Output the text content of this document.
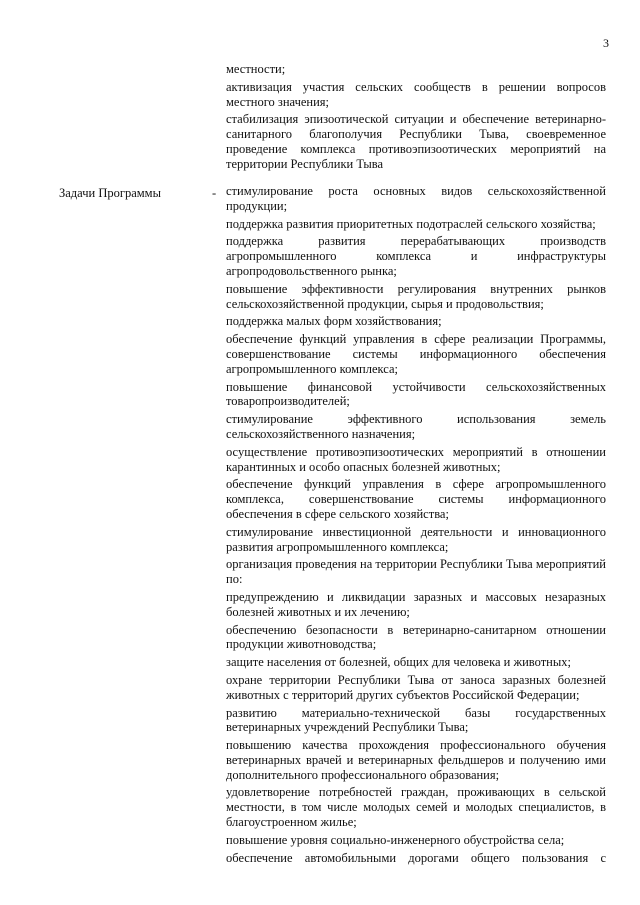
3

местности;

активизация участия сельских сообществ в решении вопросов местного значения;

стабилизация эпизоотической ситуации и обеспечение ветеринарно-санитарного благополучия Республики Тыва, своевременное проведение комплекса противоэпизоотических мероприятий на территории Республики Тыва

Задачи Программы	- стимулирование роста основных видов сельскохозяйственной продукции;

поддержка развития приоритетных подотраслей сельского хозяйства;

поддержка развития перерабатывающих производств агропромышленного комплекса и инфраструктуры агропродовольственного рынка;

повышение эффективности регулирования внутренних рынков сельскохозяйственной продукции, сырья и продовольствия;

поддержка малых форм хозяйствования;

обеспечение функций управления в сфере реализации Программы, совершенствование системы информационного обеспечения агропромышленного комплекса;

повышение финансовой устойчивости сельскохозяйственных товаропроизводителей;

стимулирование эффективного использования земель сельскохозяйственного назначения;

осуществление противоэпизоотических мероприятий в отношении карантинных и особо опасных болезней животных;

обеспечение функций управления в сфере агропромышленного комплекса, совершенствование системы информационного обеспечения в сфере сельского хозяйства;

стимулирование инвестиционной деятельности и инновационного развития агропромышленного комплекса;

организация проведения на территории Республики Тыва мероприятий по:

предупреждению и ликвидации заразных и массовых незаразных болезней животных и их лечению;

обеспечению безопасности в ветеринарно-санитарном отношении продукции животноводства;

защите населения от болезней, общих для человека и животных;

охране территории Республики Тыва от заноса заразных болезней животных с территорий других субъектов Российской Федерации;

развитию материально-технической базы государственных ветеринарных учреждений Республики Тыва;

повышению качества прохождения профессионального обучения ветеринарных врачей и ветеринарных фельдшеров и получению ими дополнительного профессионального образования;

удовлетворение потребностей граждан, проживающих в сельской местности, в том числе молодых семей и молодых специалистов, в благоустроенном жилье;

повышение уровня социально-инженерного обустройства села;

обеспечение автомобильными дорогами общего пользования с
